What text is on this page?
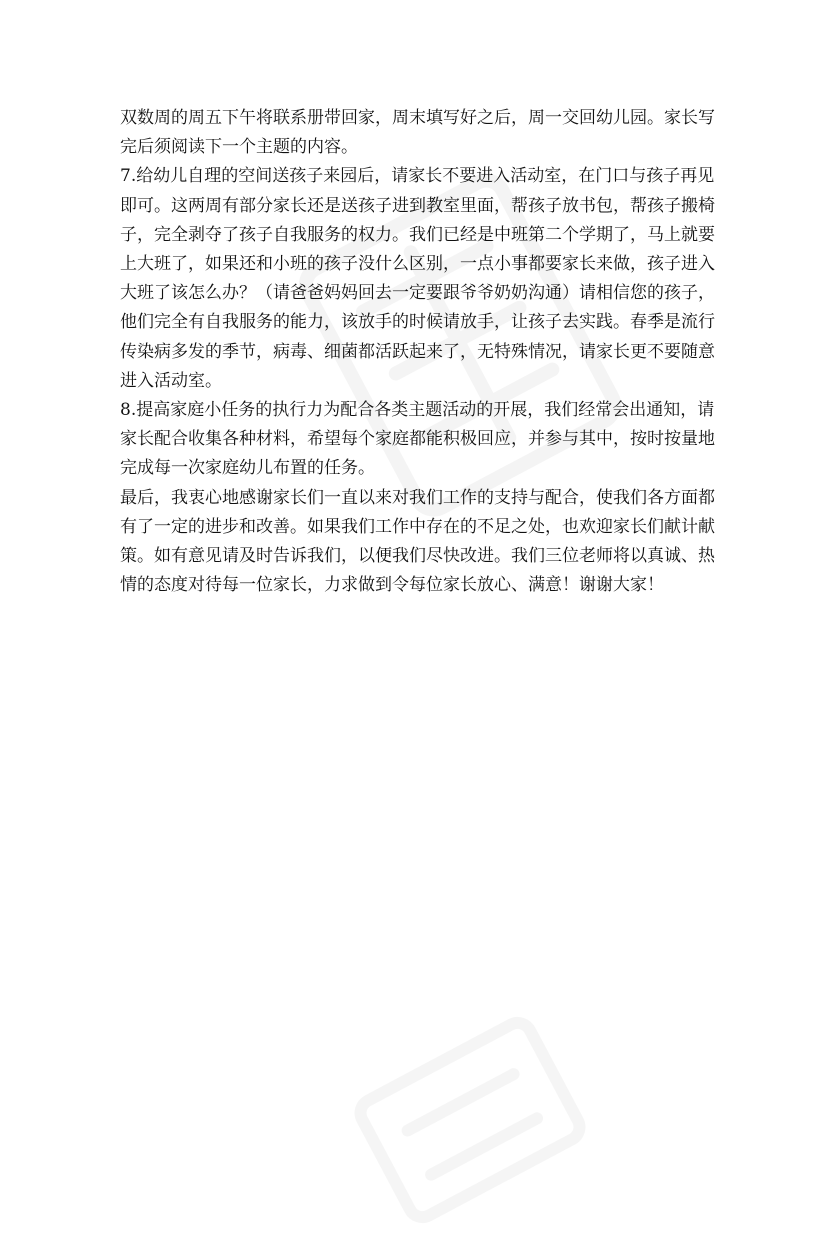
双数周的周五下午将联系册带回家，周末填写好之后，周一交回幼儿园。家长写
完后须阅读下一个主题的内容。

7.给幼儿自理的空间送孩子来园后，请家长不要进入活动室，在门口与孩子再见
即可。这两周有部分家长还是送孩子进到教室里面，帮孩子放书包，帮孩子搬椅
子，完全剥夺了孩子自我服务的权力。我们已经是中班第二个学期了，马上就要
上大班了，如果还和小班的孩子没什么区别，一点小事都要家长来做，孩子进入
大班了该怎么办？（请爸爸妈妈回去一定要跟爷爷奶奶沟通）请相信您的孩子，
他们完全有自我服务的能力，该放手的时候请放手，让孩子去实践。春季是流行
传染病多发的季节，病毒、细菌都活跃起来了，无特殊情况，请家长更不要随意
进入活动室。

8.提高家庭小任务的执行力为配合各类主题活动的开展，我们经常会出通知，请
家长配合收集各种材料，希望每个家庭都能积极回应，并参与其中，按时按量地
完成每一次家庭幼儿布置的任务。

最后，我衷心地感谢家长们一直以来对我们工作的支持与配合，使我们各方面都
有了一定的进步和改善。如果我们工作中存在的不足之处，也欢迎家长们献计献
策。如有意见请及时告诉我们，以便我们尽快改进。我们三位老师将以真诚、热
情的态度对待每一位家长，力求做到令每位家长放心、满意！谢谢大家！
